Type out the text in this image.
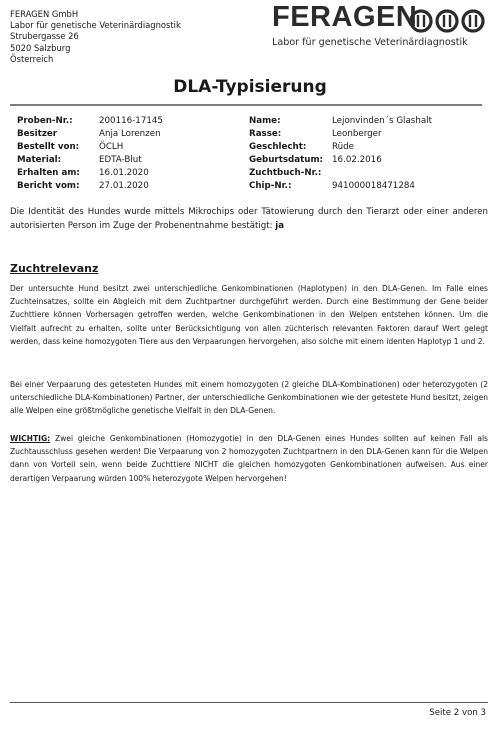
FERAGEN GmbH
Labor für genetische Veterinärdiagnostik
Strubergasse 26
5020 Salzburg
Österreich
FERAGEN
Labor für genetische Veterinärdiagnostik
DLA-Typisierung
Proben-Nr.:	200116-17145
Besitzer	Anja Lorenzen
Bestellt von: ÖCLH
Material:	EDTA-Blut
Erhalten am: 16.01.2020
Bericht vom: 27.01.2020
Name:	Lejonvinden´s Glashalt
Rasse:	Leonberger
Geschlecht:	Rüde
Geburtsdatum: 16.02.2016
Zuchtbuch-Nr.:
Chip-Nr.:	941000018471284
Die Identität des Hundes wurde mittels Mikrochips oder Tätowierung durch den Tierarzt oder einer anderen autorisierten Person im Zuge der Probenentnahme bestätigt: ja
Zuchtrelevanz
Der untersuchte Hund besitzt zwei unterschiedliche Genkombinationen (Haplotypen) in den DLA-Genen. Im Falle eines Zuchteinsatzes, sollte ein Abgleich mit dem Zuchtpartner durchgeführt werden. Durch eine Bestimmung der Gene beider Zuchttiere können Vorhersagen getroffen werden, welche Genkombinationen in den Welpen entstehen können. Um die Vielfalt aufrecht zu erhalten, sollte unter Berücksichtigung von allen züchterisch relevanten Faktoren darauf Wert gelegt werden, dass keine homozygoten Tiere aus den Verpaarungen hervorgehen, also solche mit einem identen Haplotyp 1 und 2.
Bei einer Verpaarung des getesteten Hundes mit einem homozygoten (2 gleiche DLA-Kombinationen) oder heterozygoten (2 unterschiedliche DLA-Kombinationen) Partner, der unterschiedliche Genkombinationen wie der getestete Hund besitzt, zeigen alle Welpen eine größtmögliche genetische Vielfalt in den DLA-Genen.
WICHTIG: Zwei gleiche Genkombinationen (Homozygotie) in den DLA-Genen eines Hundes sollten auf keinen Fall als Zuchtausschluss gesehen werden! Die Verpaarung von 2 homozygoten Zuchtpartnern in den DLA-Genen kann für die Welpen dann von Vorteil sein, wenn beide Zuchttiere NICHT die gleichen homozygoten Genkombinationen aufweisen. Aus einer derartigen Verpaarung würden 100% heterozygote Welpen hervorgehen!
Seite 2 von 3
